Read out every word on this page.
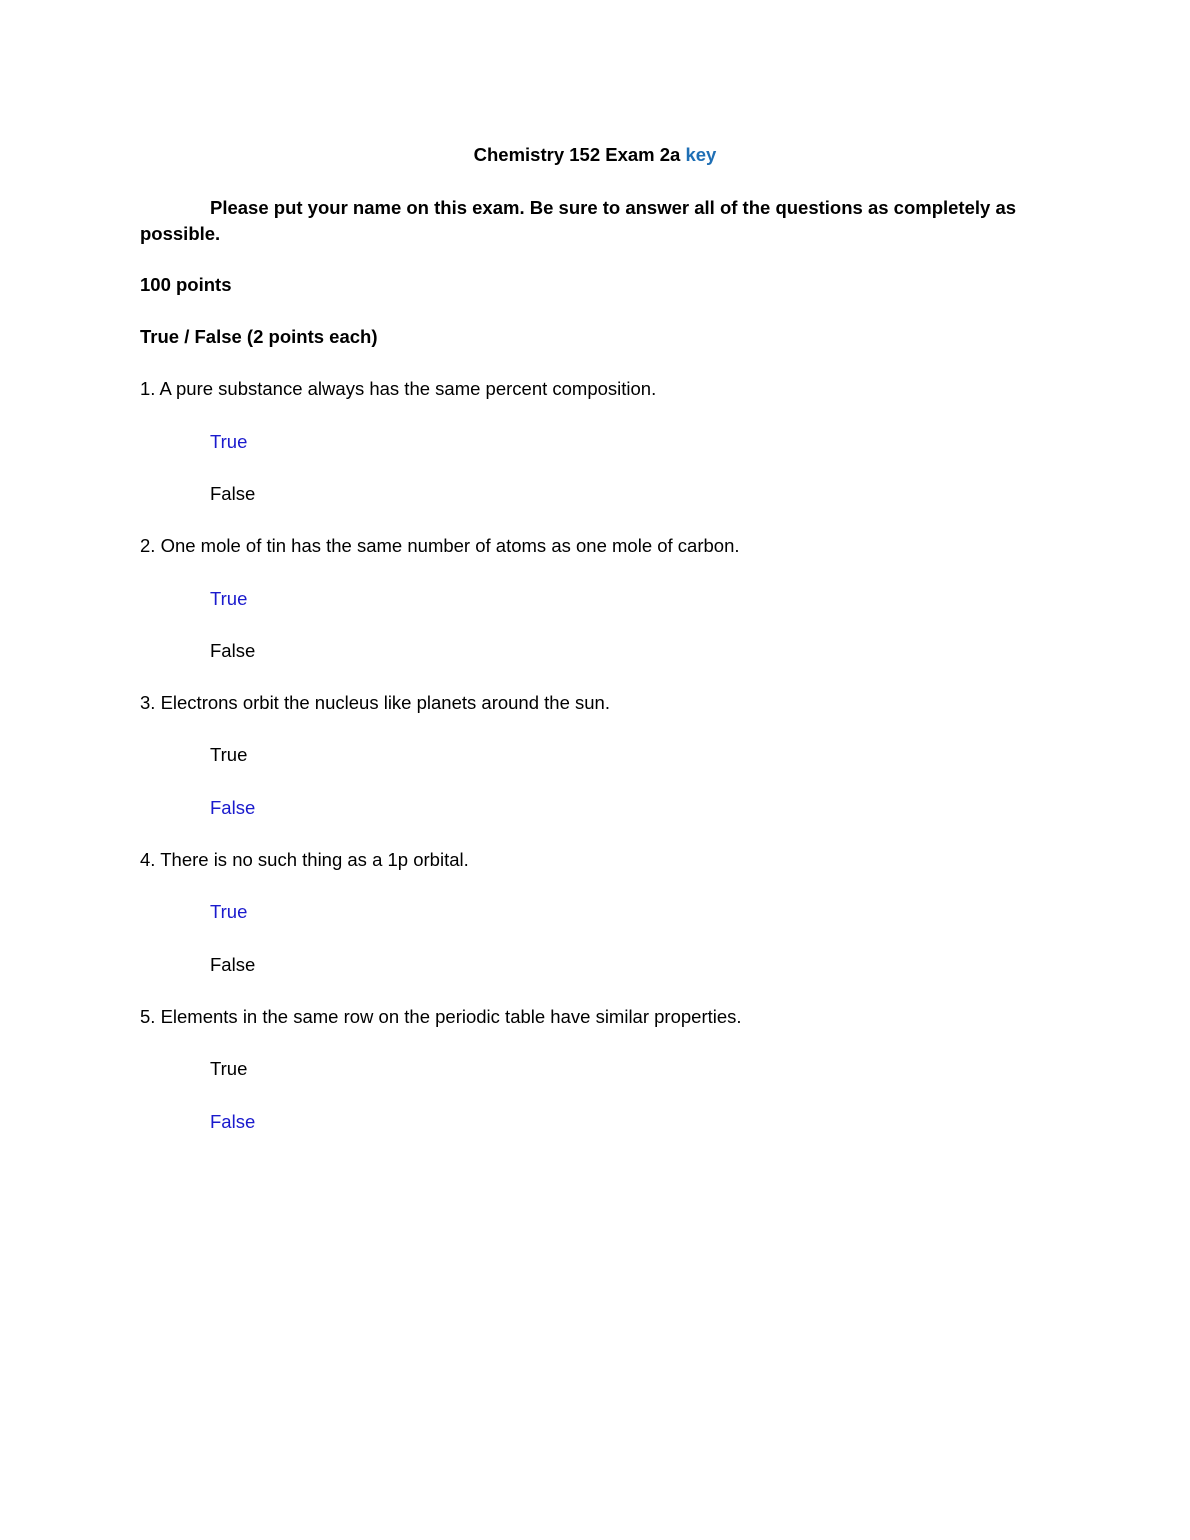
Chemistry 152 Exam 2a key
Please put your name on this exam. Be sure to answer all of the questions as completely as possible.
100 points
True / False (2 points each)
1. A pure substance always has the same percent composition.
True
False
2. One mole of tin has the same number of atoms as one mole of carbon.
True
False
3. Electrons orbit the nucleus like planets around the sun.
True
False
4. There is no such thing as a 1p orbital.
True
False
5. Elements in the same row on the periodic table have similar properties.
True
False
